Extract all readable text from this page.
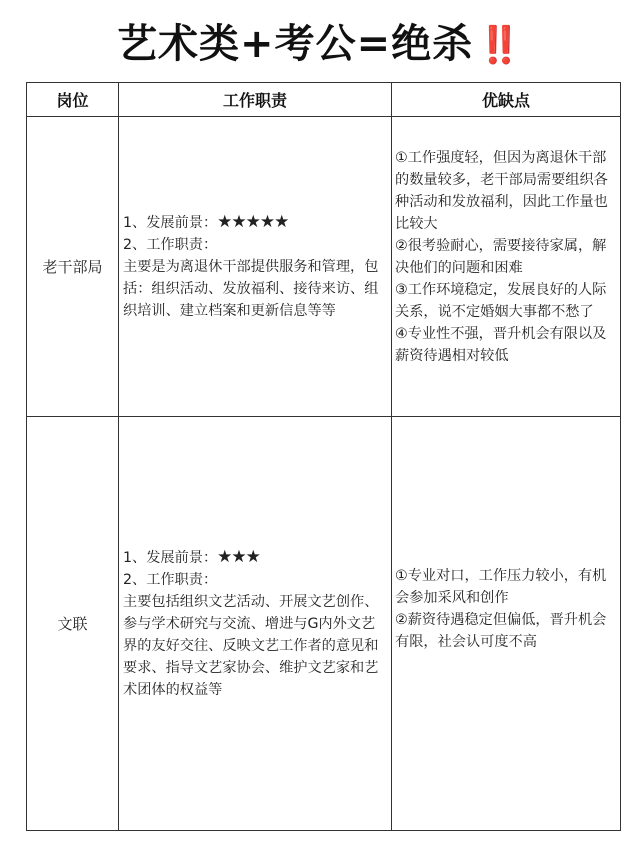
艺术类+考公=绝杀 ‼️
岗位	工作职责	优缺点
老干部局	1、发展前景：★★★★★
2、工作职责：
主要是为离退休干部提供服务和管理，包括：组织活动、发放福利、接待来访、组织培训、建立档案和更新信息等等	①工作强度轻，但因为离退休干部的数量较多，老干部局需要组织各种活动和发放福利，因此工作量也比较大
②很考验耐心，需要接待家属，解决他们的问题和困难
③工作环境稳定，发展良好的人际关系，说不定婚姻大事都不愁了
④专业性不强，晋升机会有限以及薪资待遇相对较低

文联	1、发展前景：★★★
2、工作职责：
主要包括组织文艺活动、开展文艺创作、参与学术研究与交流、增进与G内外文艺界的友好交往、反映文艺工作者的意见和要求、指导文艺家协会、维护文艺家和艺术团体的权益等	①专业对口，工作压力较小，有机会参加采风和创作
②薪资待遇稳定但偏低，晋升机会有限，社会认可度不高
